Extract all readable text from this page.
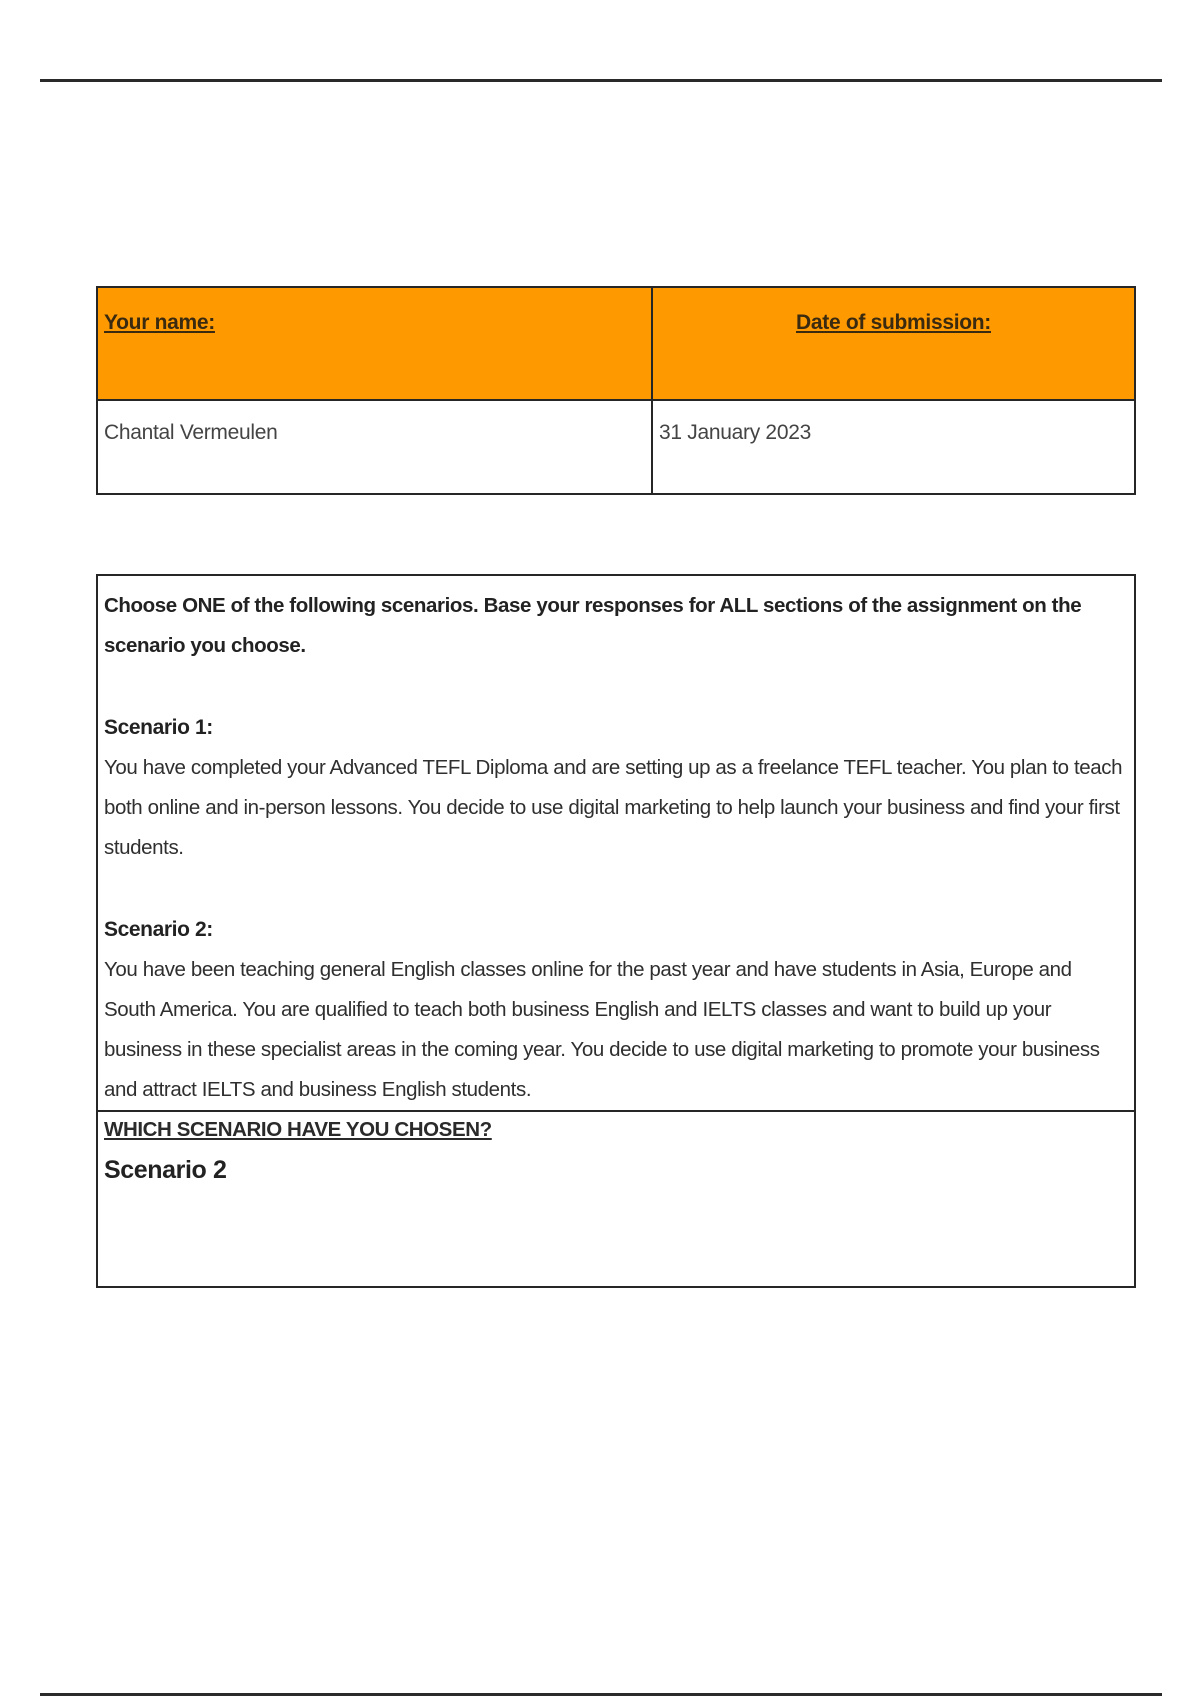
Your name:	Date of submission:

Chantal Vermeulen	31 January 2023
Choose ONE of the following scenarios. Base your responses for ALL sections of the assignment on the scenario you choose.
Scenario 1:

You have completed your Advanced TEFL Diploma and are setting up as a freelance TEFL teacher. You plan to teach both online and in-person lessons. You decide to use digital marketing to help launch your business and find your first students.

Scenario 2:

You have been teaching general English classes online for the past year and have students in Asia, Europe and South America. You are qualified to teach both business English and IELTS classes and want to build up your business in these specialist areas in the coming year. You decide to use digital marketing to promote your business and attract IELTS and business English students.

WHICH SCENARIO HAVE YOU CHOSEN?
Scenario 2
